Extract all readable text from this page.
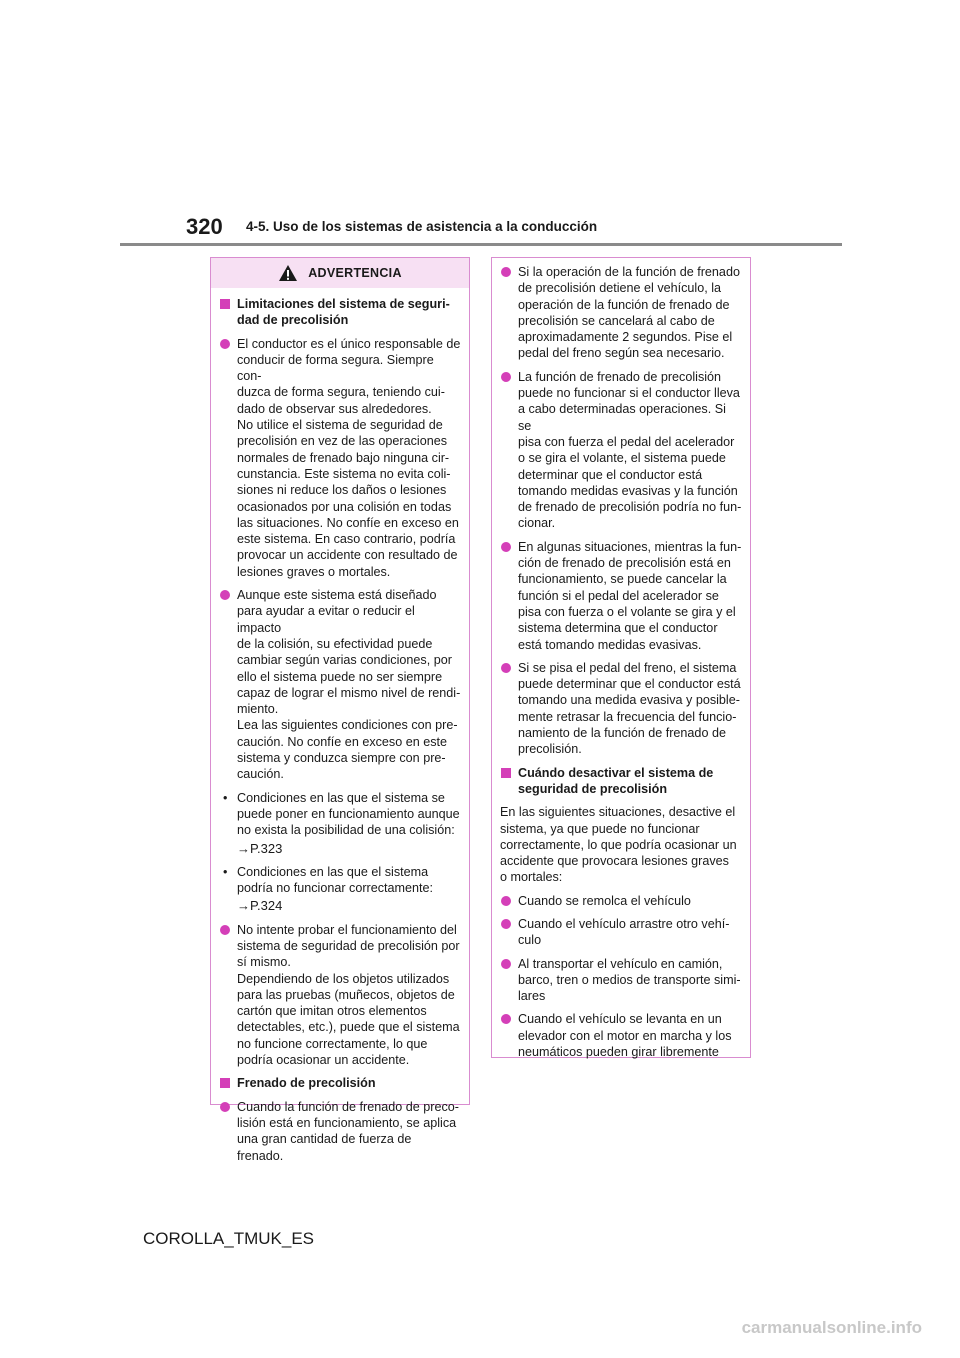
320 4-5. Uso de los sistemas de asistencia a la conducción
ADVERTENCIA
Limitaciones del sistema de seguri-
dad de precolisión
El conductor es el único responsable de
conducir de forma segura. Siempre con-
duzca de forma segura, teniendo cui-
dado de observar sus alrededores.
No utilice el sistema de seguridad de
precolisión en vez de las operaciones
normales de frenado bajo ninguna cir-
cunstancia. Este sistema no evita coli-
siones ni reduce los daños o lesiones
ocasionados por una colisión en todas
las situaciones. No confíe en exceso en
este sistema. En caso contrario, podría
provocar un accidente con resultado de
lesiones graves o mortales.
Aunque este sistema está diseñado
para ayudar a evitar o reducir el impacto
de la colisión, su efectividad puede
cambiar según varias condiciones, por
ello el sistema puede no ser siempre
capaz de lograr el mismo nivel de rendi-
miento.
Lea las siguientes condiciones con pre-
caución. No confíe en exceso en este
sistema y conduzca siempre con pre-
caución.
• Condiciones en las que el sistema se
puede poner en funcionamiento aunque
no exista la posibilidad de una colisión:
→P.323
• Condiciones en las que el sistema
podría no funcionar correctamente:
→P.324
No intente probar el funcionamiento del
sistema de seguridad de precolisión por
sí mismo.
Dependiendo de los objetos utilizados
para las pruebas (muñecos, objetos de
cartón que imitan otros elementos
detectables, etc.), puede que el sistema
no funcione correctamente, lo que
podría ocasionar un accidente.
Frenado de precolisión
Cuando la función de frenado de preco-
lisión está en funcionamiento, se aplica
una gran cantidad de fuerza de frenado.
Si la operación de la función de frenado
de precolisión detiene el vehículo, la
operación de la función de frenado de
precolisión se cancelará al cabo de
aproximadamente 2 segundos. Pise el
pedal del freno según sea necesario.
La función de frenado de precolisión
puede no funcionar si el conductor lleva
a cabo determinadas operaciones. Si se
pisa con fuerza el pedal del acelerador
o se gira el volante, el sistema puede
determinar que el conductor está
tomando medidas evasivas y la función
de frenado de precolisión podría no fun-
cionar.
En algunas situaciones, mientras la fun-
ción de frenado de precolisión está en
funcionamiento, se puede cancelar la
función si el pedal del acelerador se
pisa con fuerza o el volante se gira y el
sistema determina que el conductor
está tomando medidas evasivas.
Si se pisa el pedal del freno, el sistema
puede determinar que el conductor está
tomando una medida evasiva y posible-
mente retrasar la frecuencia del funcio-
namiento de la función de frenado de
precolisión.
Cuándo desactivar el sistema de
seguridad de precolisión
En las siguientes situaciones, desactive el
sistema, ya que puede no funcionar
correctamente, lo que podría ocasionar un
accidente que provocara lesiones graves
o mortales:
Cuando se remolca el vehículo
Cuando el vehículo arrastre otro vehí-
culo
Al transportar el vehículo en camión,
barco, tren o medios de transporte simi-
lares
Cuando el vehículo se levanta en un
elevador con el motor en marcha y los
neumáticos pueden girar libremente
COROLLA_TMUK_ES
carmanualsonline.info
